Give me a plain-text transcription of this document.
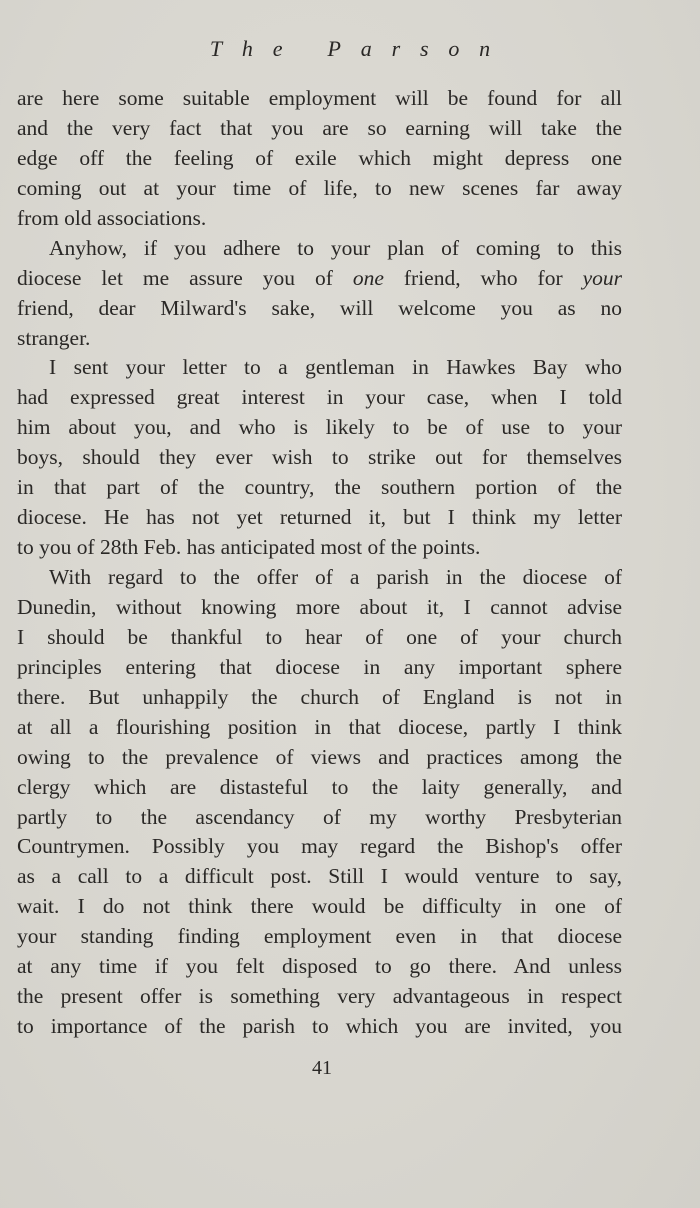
The Parson
are here some suitable employment will be found for all
and the very fact that you are so earning will take the
edge off the feeling of exile which might depress one
coming out at your time of life, to new scenes far away
from old associations.
Anyhow, if you adhere to your plan of coming to this
diocese let me assure you of one friend, who for your
friend, dear Milward's sake, will welcome you as no
stranger.
I sent your letter to a gentleman in Hawkes Bay who
had expressed great interest in your case, when I told
him about you, and who is likely to be of use to your
boys, should they ever wish to strike out for themselves
in that part of the country, the southern portion of the
diocese. He has not yet returned it, but I think my letter
to you of 28th Feb. has anticipated most of the points.
With regard to the offer of a parish in the diocese of
Dunedin, without knowing more about it, I cannot advise
I should be thankful to hear of one of your church
principles entering that diocese in any important sphere
there. But unhappily the church of England is not in
at all a flourishing position in that diocese, partly I think
owing to the prevalence of views and practices among the
clergy which are distasteful to the laity generally, and
partly to the ascendancy of my worthy Presbyterian
Countrymen. Possibly you may regard the Bishop's offer
as a call to a difficult post. Still I would venture to say,
wait. I do not think there would be difficulty in one of
your standing finding employment even in that diocese
at any time if you felt disposed to go there. And unless
the present offer is something very advantageous in respect
to importance of the parish to which you are invited, you
41
